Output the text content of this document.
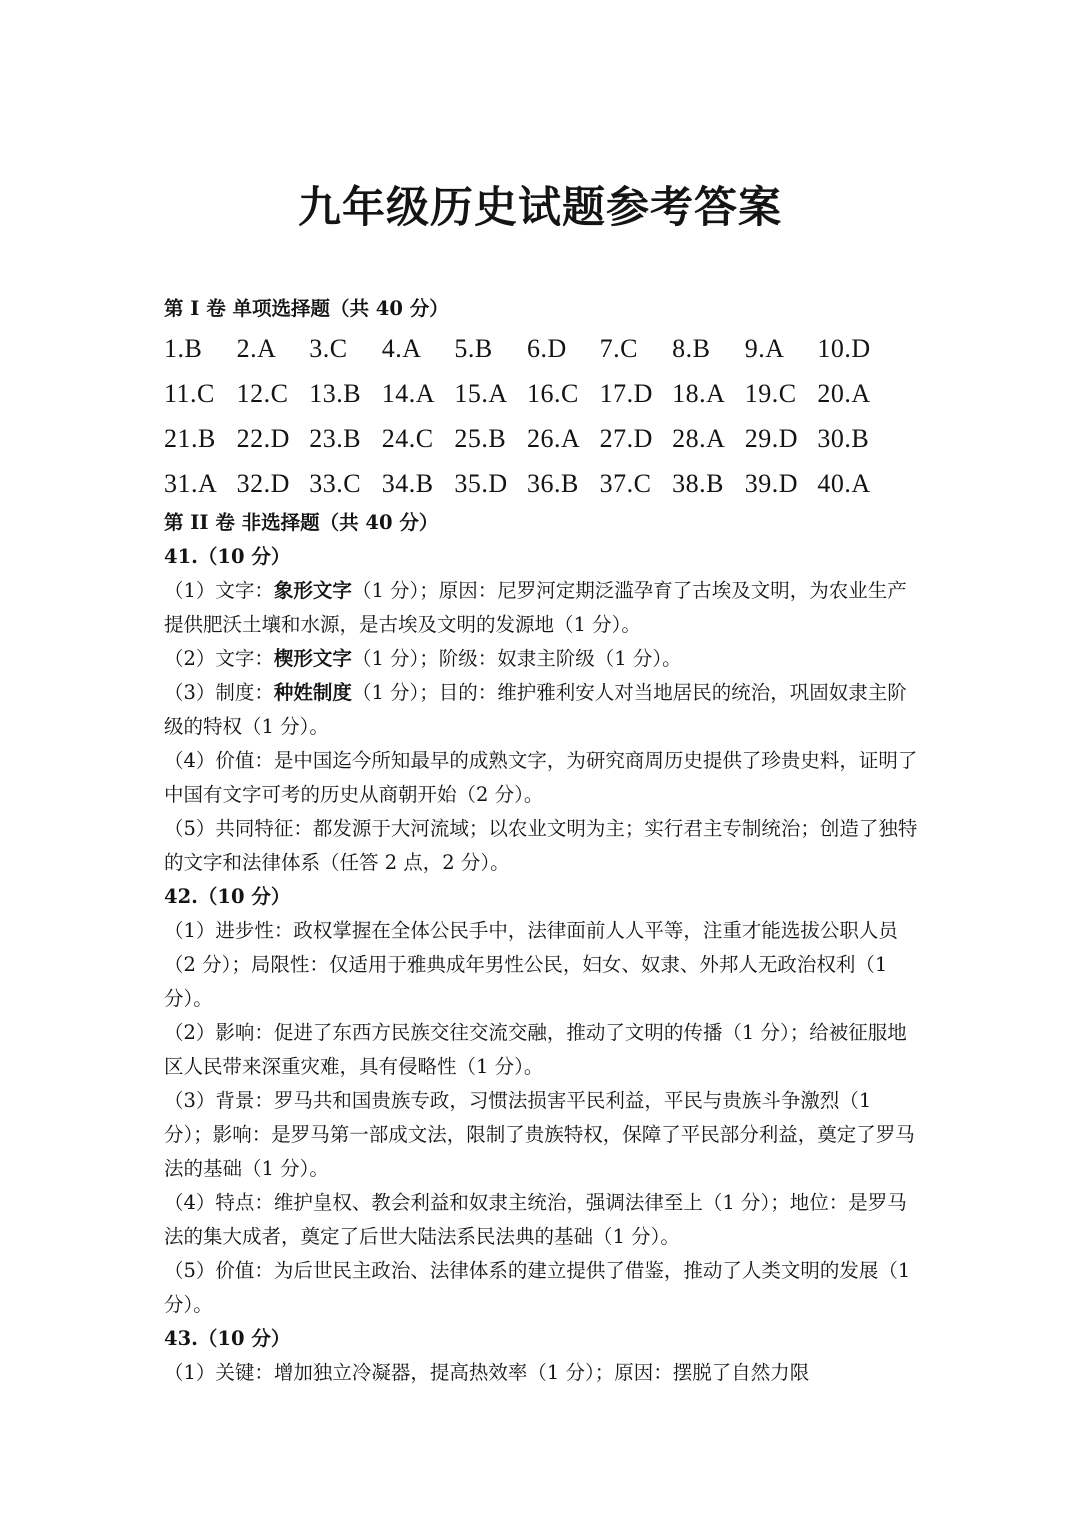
九年级历史试题参考答案
第 I 卷 单项选择题（共 40 分）
1.B	2.A	3.C	4.A	5.B	6.D	7.C	8.B	9.A	10.D
11.C 12.C 13.B 14.A 15.A 16.C 17.D 18.A 19.C 20.A
21.B 22.D 23.B 24.C 25.B 26.A 27.D 28.A 29.D 30.B
31.A 32.D 33.C 34.B 35.D 36.B 37.C 38.B 39.D 40.A
第 II 卷 非选择题（共 40 分）
41.（10 分）
（1）文字：象形文字（1 分）；原因：尼罗河定期泛滥孕育了古埃及文明，为农业生产提供肥沃土壤和水源，是古埃及文明的发源地（1 分）。
（2）文字：楔形文字（1 分）；阶级：奴隶主阶级（1 分）。
（3）制度：种姓制度（1 分）；目的：维护雅利安人对当地居民的统治，巩固奴隶主阶级的特权（1 分）。
（4）价值：是中国迄今所知最早的成熟文字，为研究商周历史提供了珍贵史料，证明了中国有文字可考的历史从商朝开始（2 分）。
（5）共同特征：都发源于大河流域；以农业文明为主；实行君主专制统治；创造了独特的文字和法律体系（任答 2 点，2 分）。
42.（10 分）
（1）进步性：政权掌握在全体公民手中，法律面前人人平等，注重才能选拔公职人员（2 分）；局限性：仅适用于雅典成年男性公民，妇女、奴隶、外邦人无政治权利（1 分）。
（2）影响：促进了东西方民族交往交流交融，推动了文明的传播（1 分）；给被征服地区人民带来深重灾难，具有侵略性（1 分）。
（3）背景：罗马共和国贵族专政，习惯法损害平民利益，平民与贵族斗争激烈（1 分）；影响：是罗马第一部成文法，限制了贵族特权，保障了平民部分利益，奠定了罗马法的基础（1 分）。
（4）特点：维护皇权、教会利益和奴隶主统治，强调法律至上（1 分）；地位：是罗马法的集大成者，奠定了后世大陆法系民法典的基础（1 分）。
（5）价值：为后世民主政治、法律体系的建立提供了借鉴，推动了人类文明的发展（1 分）。
43.（10 分）
（1）关键：增加独立冷凝器，提高热效率（1 分）；原因：摆脱了自然力限
